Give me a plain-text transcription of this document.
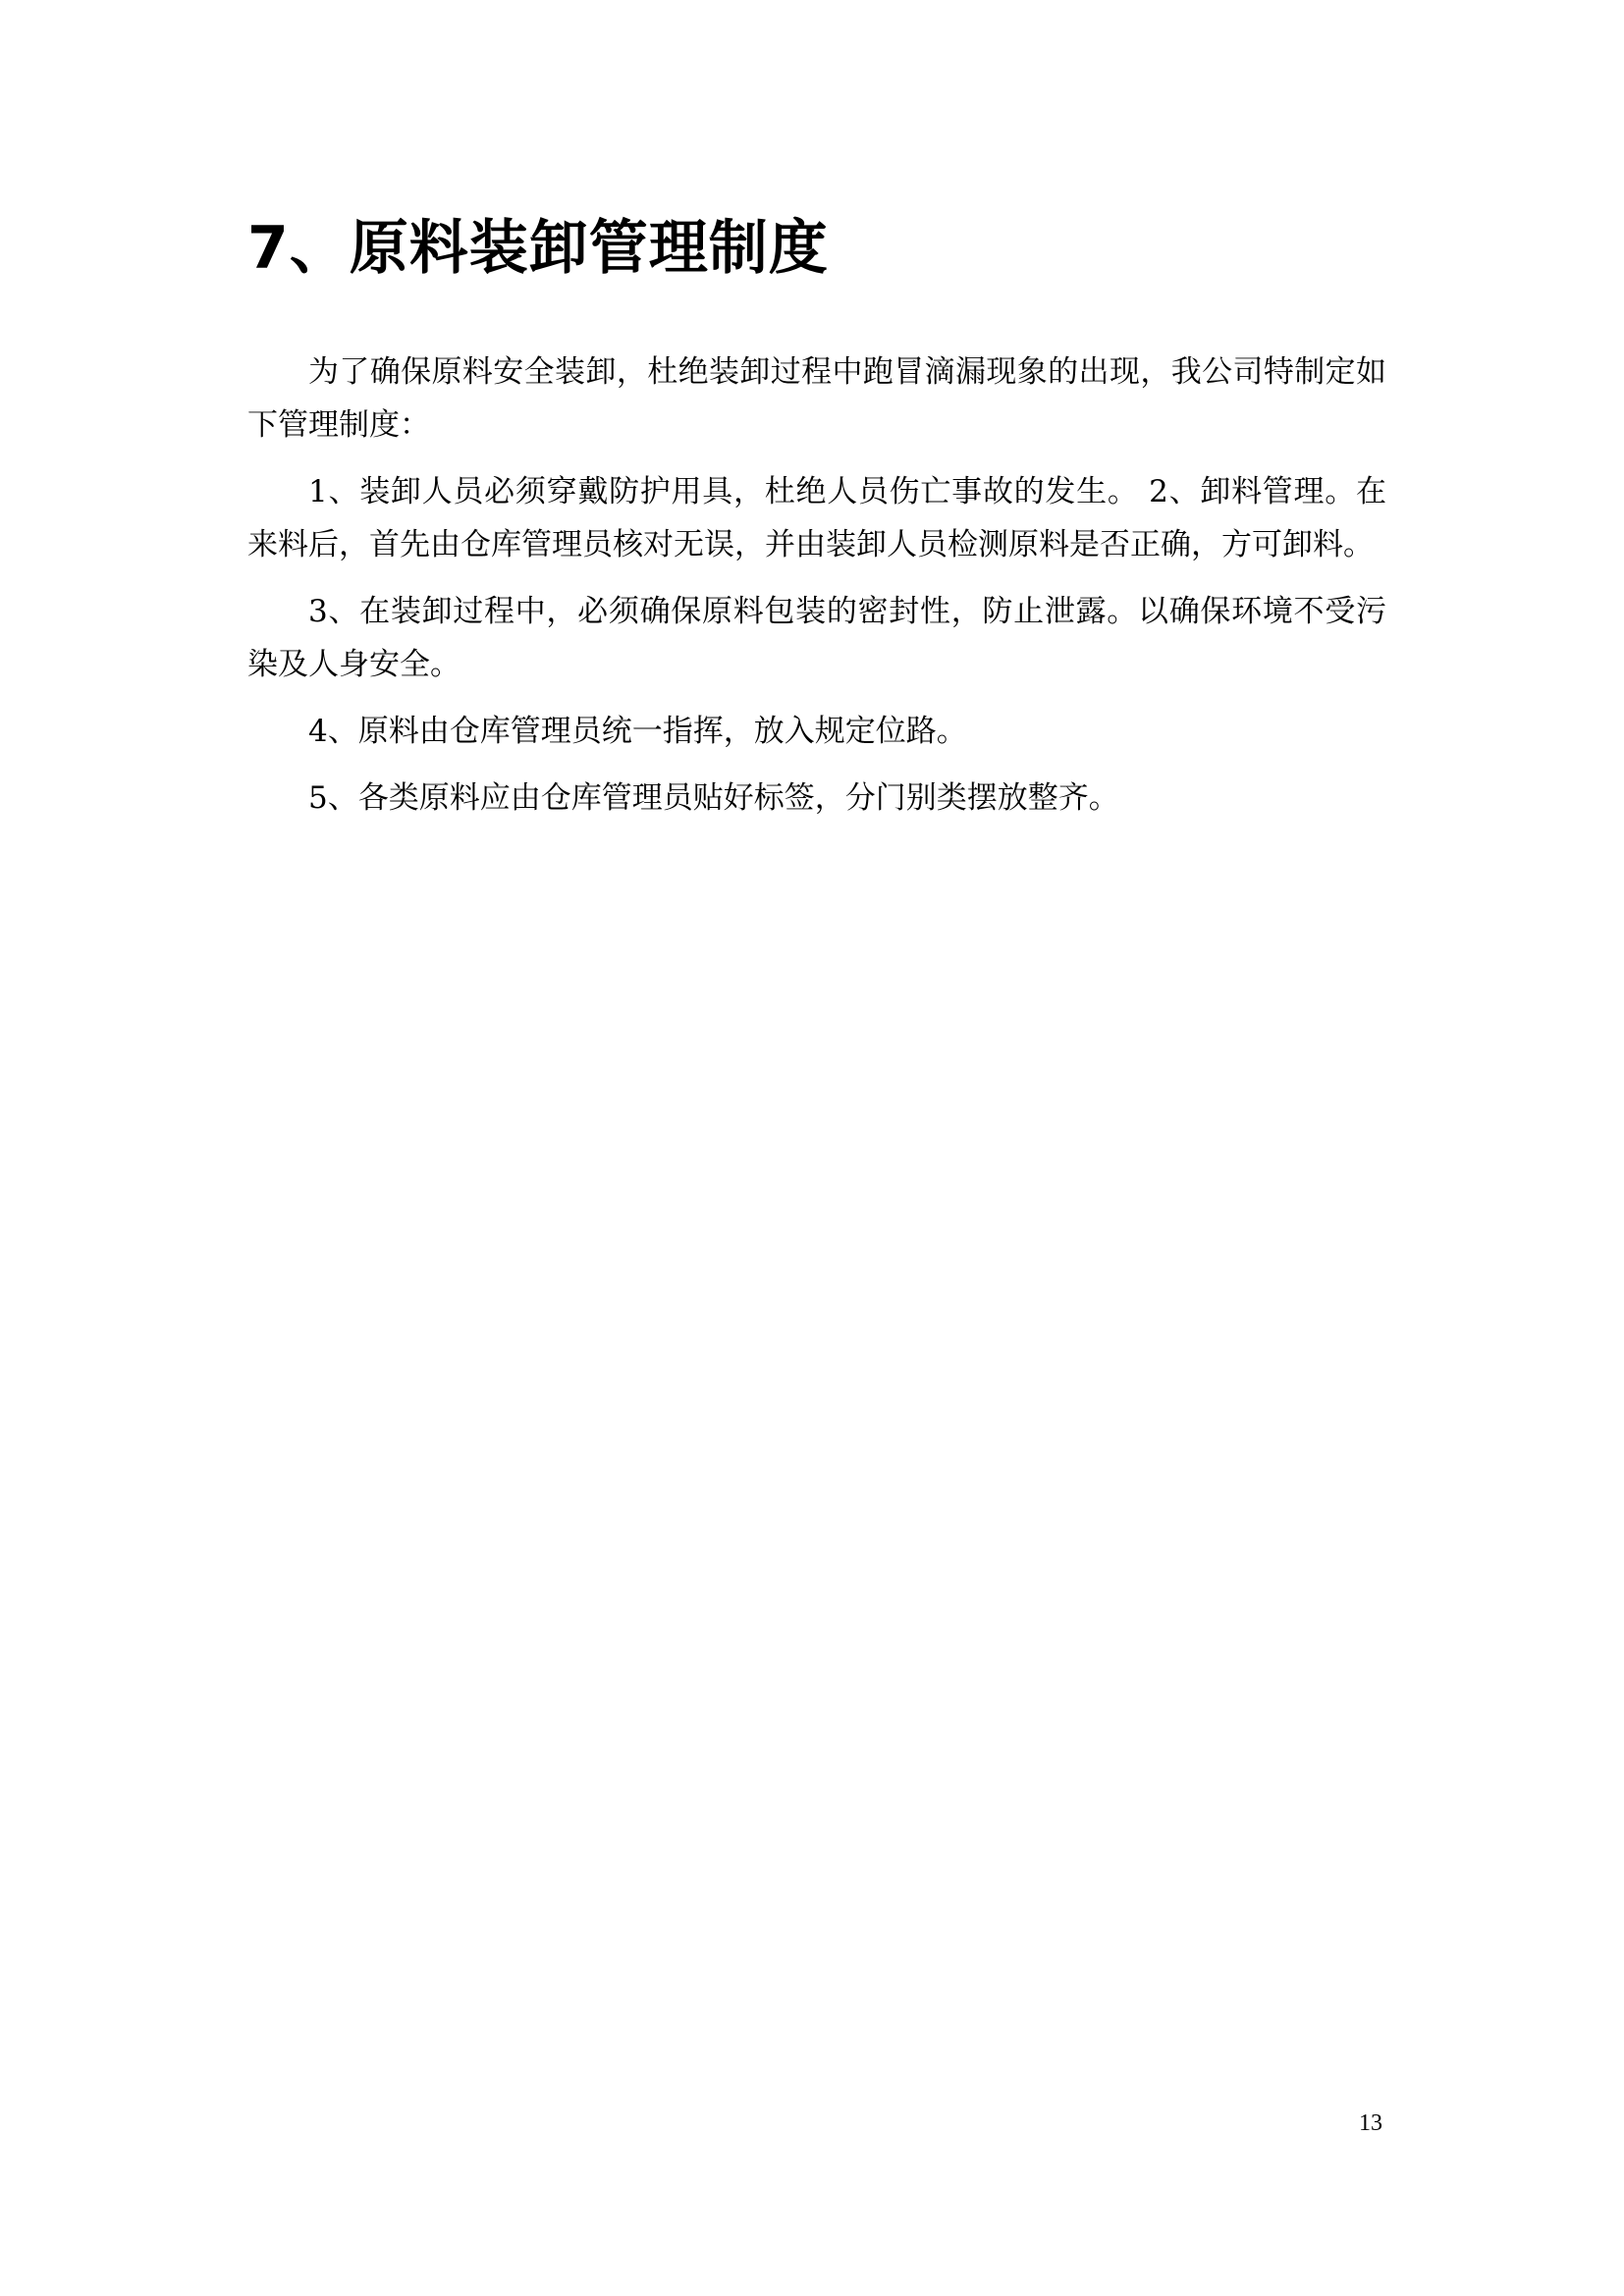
7、原料装卸管理制度

为了确保原料安全装卸，杜绝装卸过程中跑冒滴漏现象的出现，我公司特制定如下管理制度：

1、装卸人员必须穿戴防护用具，杜绝人员伤亡事故的发生。 2、卸料管理。在来料后，首先由仓库管理员核对无误，并由装卸人员检测原料是否正确，方可卸料。

3、在装卸过程中，必须确保原料包装的密封性，防止泄露。以确保环境不受污染及人身安全。

4、原料由仓库管理员统一指挥，放入规定位路。

5、各类原料应由仓库管理员贴好标签，分门别类摆放整齐。

13
